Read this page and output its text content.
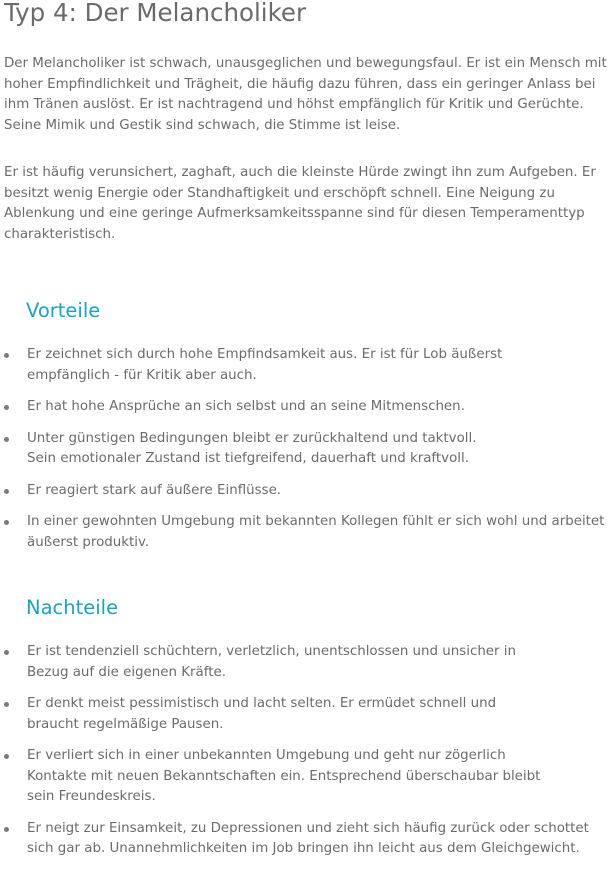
Typ 4: Der Melancholiker

Der Melancholiker ist schwach, unausgeglichen und bewegungsfaul. Er ist ein Mensch mit hoher Empfindlichkeit und Trägheit, die häufig dazu führen, dass ein geringer Anlass bei ihm Tränen auslöst. Er ist nachtragend und höhst empfänglich für Kritik und Gerüchte. Seine Mimik und Gestik sind schwach, die Stimme ist leise.

Er ist häufig verunsichert, zaghaft, auch die kleinste Hürde zwingt ihn zum Aufgeben. Er besitzt wenig Energie oder Standhaftigkeit und erschöpft schnell. Eine Neigung zu Ablenkung und eine geringe Aufmerksamkeitsspanne sind für diesen Temperamenttyp charakteristisch.

Vorteile
Er zeichnet sich durch hohe Empfindsamkeit aus. Er ist für Lob äußerst
empfänglich - für Kritik aber auch.
Er hat hohe Ansprüche an sich selbst und an seine Mitmenschen.
Unter günstigen Bedingungen bleibt er zurückhaltend und taktvoll.
Sein emotionaler Zustand ist tiefgreifend, dauerhaft und kraftvoll.
Er reagiert stark auf äußere Einflüsse.
In einer gewohnten Umgebung mit bekannten Kollegen fühlt er sich wohl und arbeitet äußerst produktiv.
Nachteile
Er ist tendenziell schüchtern, verletzlich, unentschlossen und unsicher in
Bezug auf die eigenen Kräfte.
Er denkt meist pessimistisch und lacht selten. Er ermüdet schnell und
braucht regelmäßige Pausen.
Er verliert sich in einer unbekannten Umgebung und geht nur zögerlich
Kontakte mit neuen Bekanntschaften ein. Entsprechend überschaubar bleibt
sein Freundeskreis.
Er neigt zur Einsamkeit, zu Depressionen und zieht sich häufig zurück oder schottet sich gar ab. Unannehmlichkeiten im Job bringen ihn leicht aus dem Gleichgewicht.
